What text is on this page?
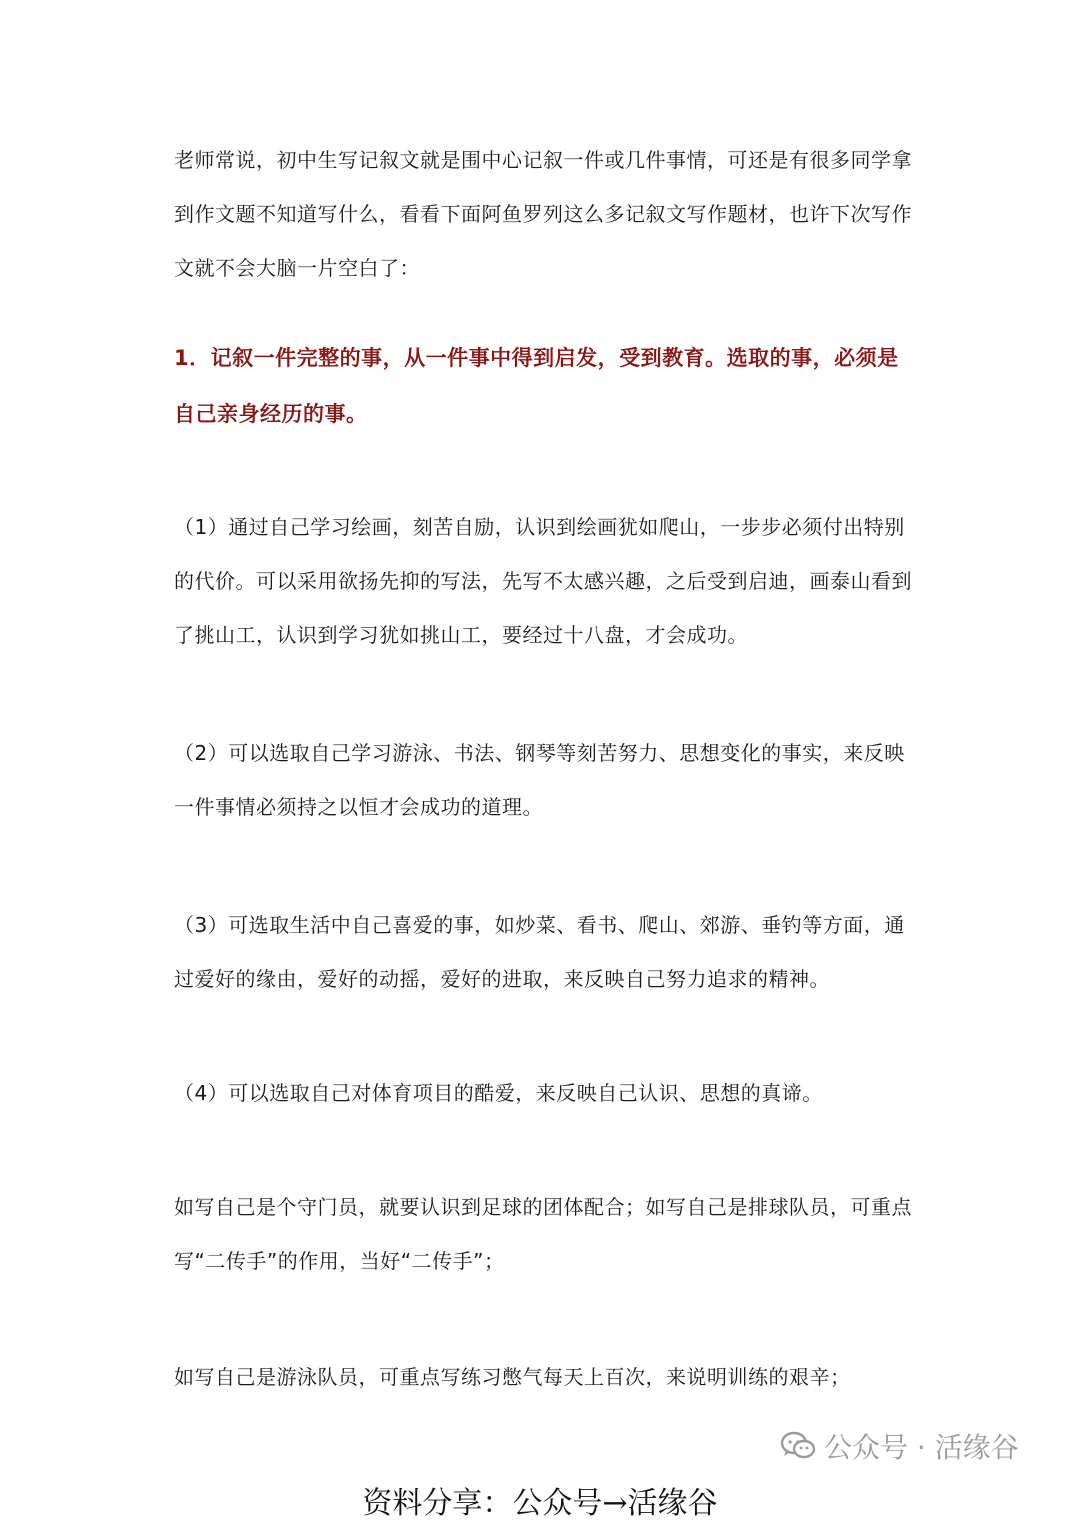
老师常说，初中生写记叙文就是围中心记叙一件或几件事情，可还是有很多同学拿到作文题不知道写什么，看看下面阿鱼罗列这么多记叙文写作题材，也许下次写作文就不会大脑一片空白了：

1．记叙一件完整的事，从一件事中得到启发，受到教育。选取的事，必须是自己亲身经历的事。

（1）通过自己学习绘画，刻苦自励，认识到绘画犹如爬山，一步步必须付出特别的代价。可以采用欲扬先抑的写法，先写不太感兴趣，之后受到启迪，画泰山看到了挑山工，认识到学习犹如挑山工，要经过十八盘，才会成功。

（2）可以选取自己学习游泳、书法、钢琴等刻苦努力、思想变化的事实，来反映一件事情必须持之以恒才会成功的道理。

（3）可选取生活中自己喜爱的事，如炒菜、看书、爬山、郊游、垂钓等方面，通过爱好的缘由，爱好的动摇，爱好的进取，来反映自己努力追求的精神。

（4）可以选取自己对体育项目的酷爱，来反映自己认识、思想的真谛。

如写自己是个守门员，就要认识到足球的团体配合；如写自己是排球队员，可重点写“二传手”的作用，当好“二传手”；

如写自己是游泳队员，可重点写练习憋气每天上百次，来说明训练的艰辛；

公众号 · 活缘谷
资料分享：公众号→活缘谷
